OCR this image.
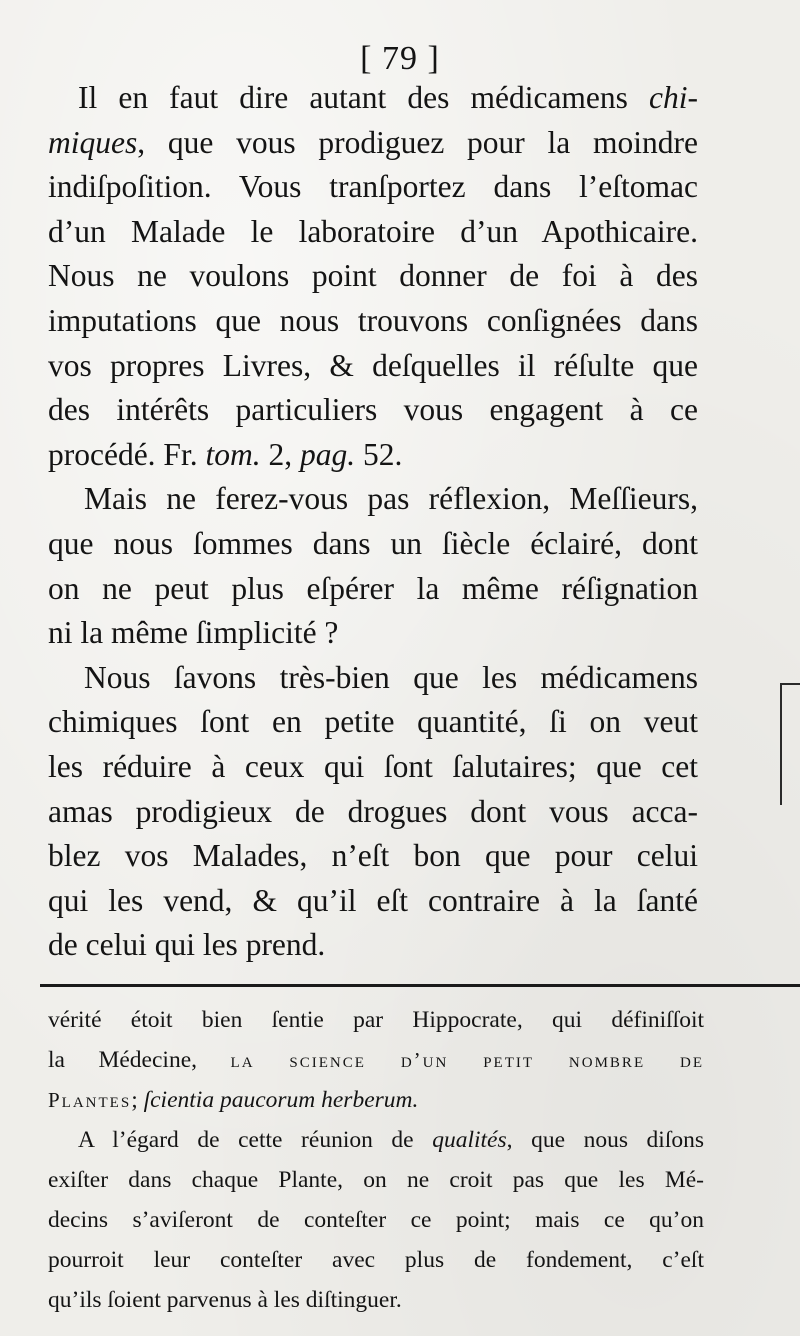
[ 79 ]
Il en faut dire autant des médicamens chi-
miques, que vous prodiguez pour la moindre
indiſpoſition. Vous tranſportez dans l’eſtomac
d’un Malade le laboratoire d’un Apothicaire.
Nous ne voulons point donner de foi à des
imputations que nous trouvons conſignées dans
vos propres Livres, & deſquelles il réſulte que
des intérêts particuliers vous engagent à ce
procédé. Fr. tom. 2, pag. 52.
Mais ne ferez-vous pas réflexion, Meſſieurs,
que nous ſommes dans un ſiècle éclairé, dont
on ne peut plus eſpérer la même réſignation
ni la même ſimplicité ?
Nous ſavons très-bien que les médicamens
chimiques ſont en petite quantité, ſi on veut
les réduire à ceux qui ſont ſalutaires; que cet
amas prodigieux de drogues dont vous acca-
blez vos Malades, n’eſt bon que pour celui
qui les vend, & qu’il eſt contraire à la ſanté
de celui qui les prend.
vérité étoit bien ſentie par Hippocrate, qui définiſſoit
la Médecine, la science d’un petit nombre de
Plantes; ſcientia paucorum herberum.
A l’égard de cette réunion de qualités, que nous diſons
exiſter dans chaque Plante, on ne croit pas que les Mé-
decins s’aviſeront de conteſter ce point; mais ce qu’on
pourroit leur conteſter avec plus de fondement, c’eſt
qu’ils ſoient parvenus à les diſtinguer.
